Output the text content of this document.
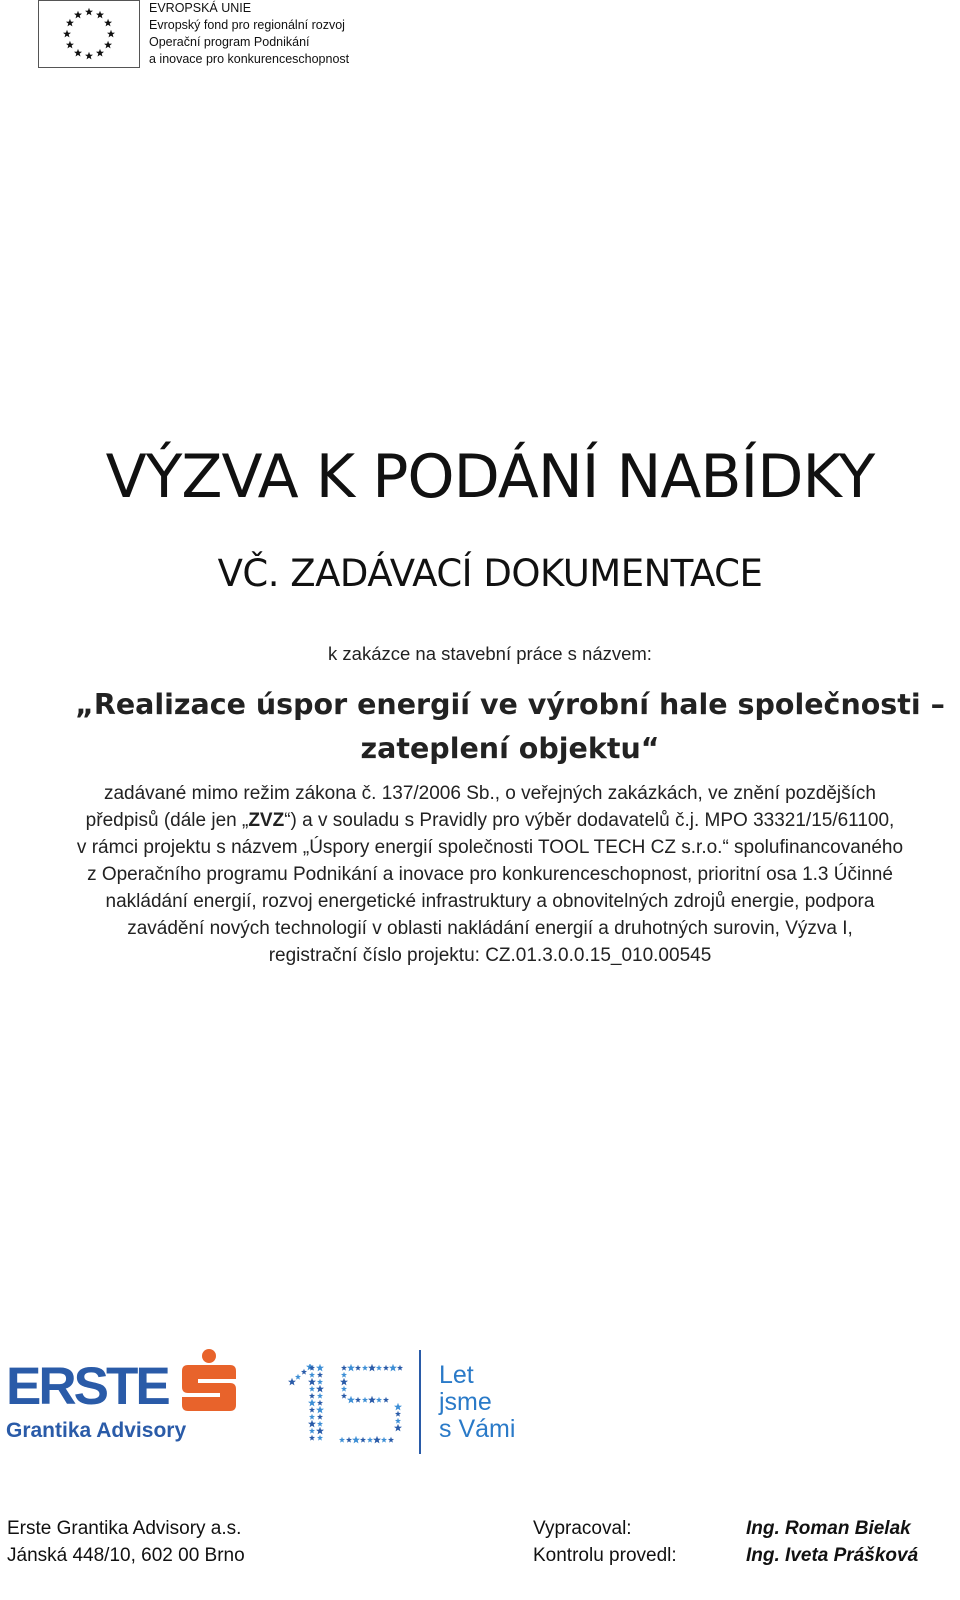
EVROPSKÁ UNIE
Evropský fond pro regionální rozvoj
Operační program Podnikání
a inovace pro konkurenceschopnost
VÝZVA K PODÁNÍ NABÍDKY
VČ. ZADÁVACÍ DOKUMENTACE
k zakázce na stavební práce s názvem:
„Realizace úspor energií ve výrobní hale společnosti –
zateplení objektu“
zadávané mimo režim zákona č. 137/2006 Sb., o veřejných zakázkách, ve znění pozdějších
předpisů (dále jen „ZVZ“) a v souladu s Pravidly pro výběr dodavatelů č.j. MPO 33321/15/61100,
v rámci projektu s názvem „Úspory energií společnosti TOOL TECH CZ s.r.o.“ spolufinancovaného
z Operačního programu Podnikání a inovace pro konkurenceschopnost, prioritní osa 1.3 Účinné
nakládání energií, rozvoj energetické infrastruktury a obnovitelných zdrojů energie, podpora
zavádění nových technologií v oblasti nakládání energií a druhotných surovin, Výzva I,
registrační číslo projektu: CZ.01.3.0.0.15_010.00545
ERSTE
Grantika Advisory
Let
jsme
s Vámi
Erste Grantika Advisory a.s.
Jánská 448/10, 602 00 Brno
Vypracoval:
Kontrolu provedl:
Ing. Roman Bielak
Ing. Iveta Prášková
